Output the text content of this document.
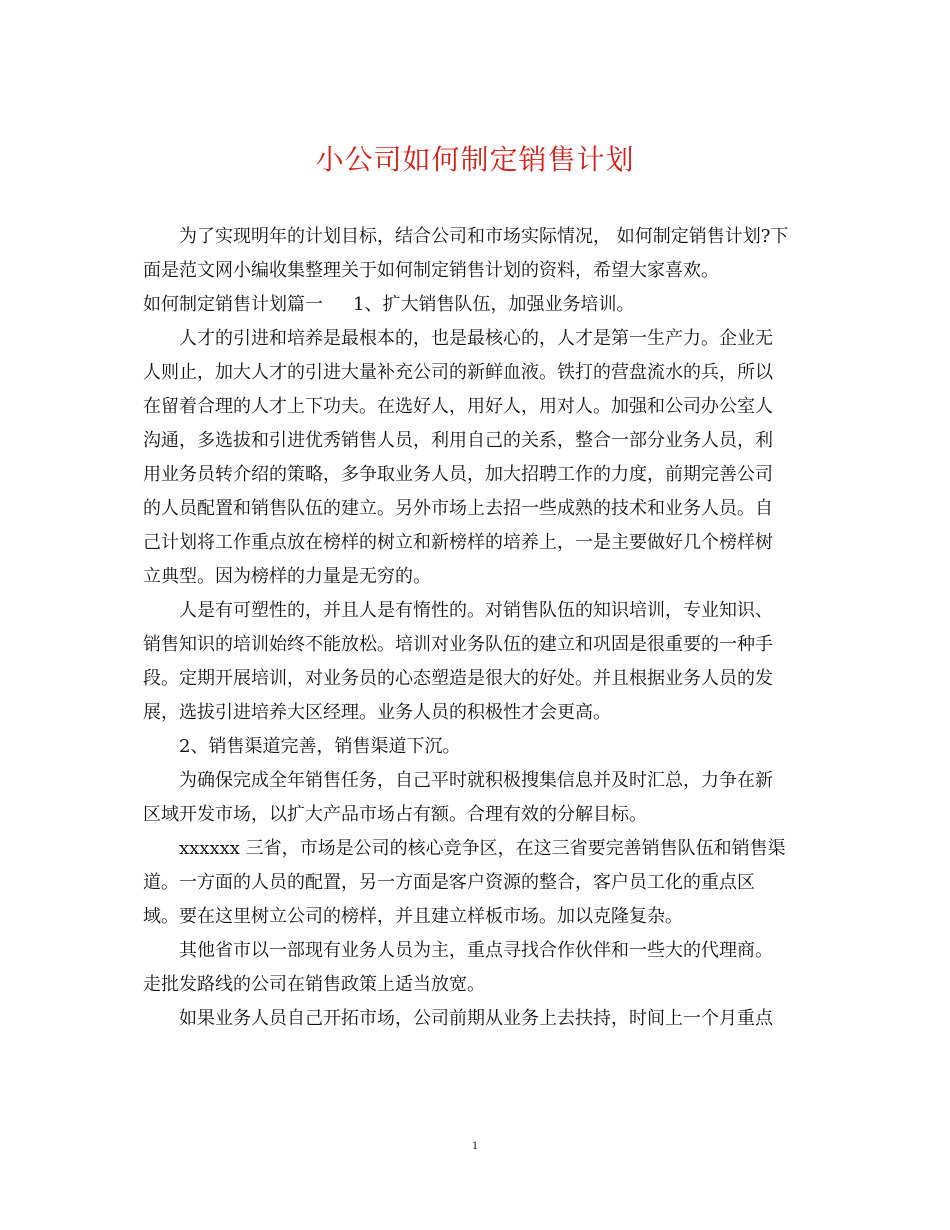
小公司如何制定销售计划
为了实现明年的计划目标，结合公司和市场实际情况， 如何制定销售计划?下
面是范文网小编收集整理关于如何制定销售计划的资料，希望大家喜欢。
如何制定销售计划篇一 1、扩大销售队伍，加强业务培训。
人才的引进和培养是最根本的，也是最核心的，人才是第一生产力。企业无
人则止，加大人才的引进大量补充公司的新鲜血液。铁打的营盘流水的兵，所以
在留着合理的人才上下功夫。在选好人，用好人，用对人。加强和公司办公室人
沟通，多选拔和引进优秀销售人员，利用自己的关系，整合一部分业务人员，利
用业务员转介绍的策略，多争取业务人员，加大招聘工作的力度，前期完善公司
的人员配置和销售队伍的建立。另外市场上去招一些成熟的技术和业务人员。自
己计划将工作重点放在榜样的树立和新榜样的培养上，一是主要做好几个榜样树
立典型。因为榜样的力量是无穷的。
人是有可塑性的，并且人是有惰性的。对销售队伍的知识培训，专业知识、
销售知识的培训始终不能放松。培训对业务队伍的建立和巩固是很重要的一种手
段。定期开展培训，对业务员的心态塑造是很大的好处。并且根据业务人员的发
展，选拔引进培养大区经理。业务人员的积极性才会更高。
2、销售渠道完善，销售渠道下沉。
为确保完成全年销售任务，自己平时就积极搜集信息并及时汇总，力争在新
区域开发市场，以扩大产品市场占有额。合理有效的分解目标。
xxxxxx 三省，市场是公司的核心竞争区，在这三省要完善销售队伍和销售渠
道。一方面的人员的配置，另一方面是客户资源的整合，客户员工化的重点区
域。要在这里树立公司的榜样，并且建立样板市场。加以克隆复杂。
其他省市以一部现有业务人员为主，重点寻找合作伙伴和一些大的代理商。
走批发路线的公司在销售政策上适当放宽。
如果业务人员自己开拓市场，公司前期从业务上去扶持，时间上一个月重点
1
